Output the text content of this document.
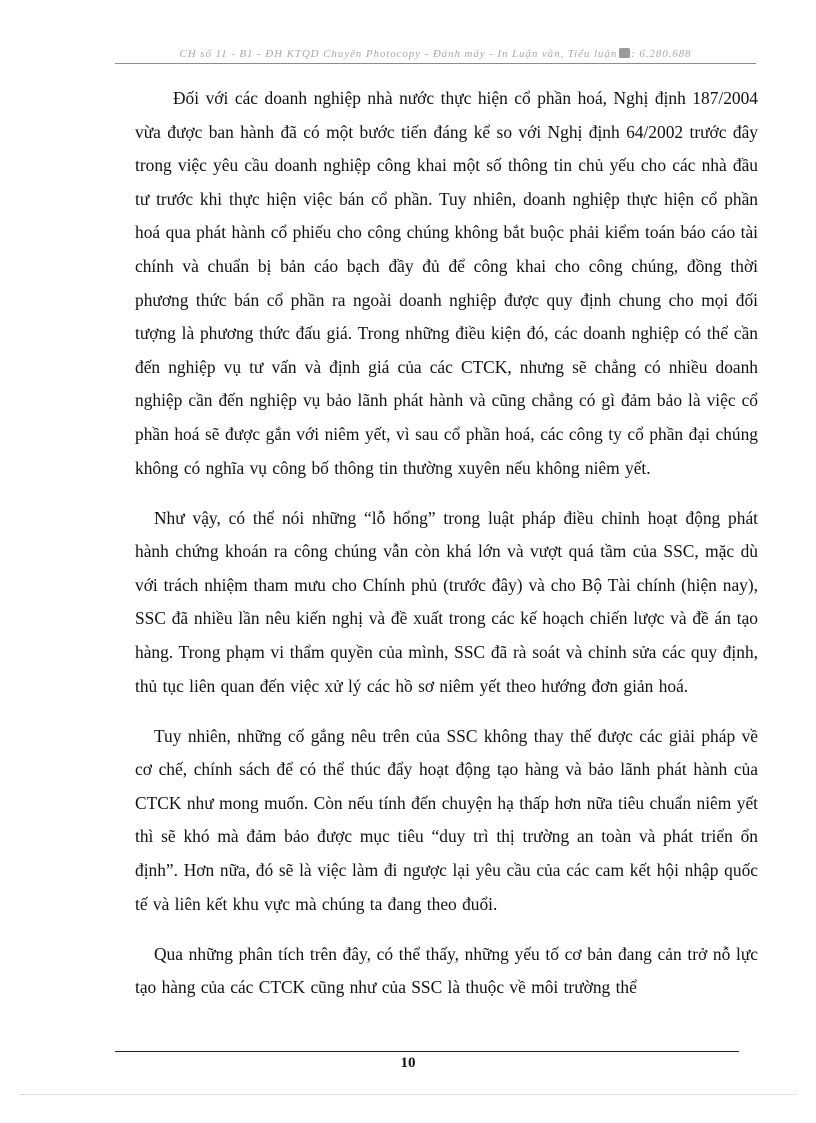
CH số 11 - B1 - ĐH KTQD Chuyên Photocopy - Đánh máy - In Luận văn, Tiểu luận : 6.280.688

Đối với các doanh nghiệp nhà nước thực hiện cổ phần hoá, Nghị định 187/2004 vừa được ban hành đã có một bước tiến đáng kể so với Nghị định 64/2002 trước đây trong việc yêu cầu doanh nghiệp công khai một số thông tin chủ yếu cho các nhà đầu tư trước khi thực hiện việc bán cổ phần. Tuy nhiên, doanh nghiệp thực hiện cổ phần hoá qua phát hành cổ phiếu cho công chúng không bắt buộc phải kiểm toán báo cáo tài chính và chuẩn bị bản cáo bạch đầy đủ để công khai cho công chúng, đồng thời phương thức bán cổ phần ra ngoài doanh nghiệp được quy định chung cho mọi đối tượng là phương thức đấu giá. Trong những điều kiện đó, các doanh nghiệp có thể cần đến nghiệp vụ tư vấn và định giá của các CTCK, nhưng sẽ chẳng có nhiều doanh nghiệp cần đến nghiệp vụ bảo lãnh phát hành và cũng chẳng có gì đảm bảo là việc cổ phần hoá sẽ được gắn với niêm yết, vì sau cổ phần hoá, các công ty cổ phần đại chúng không có nghĩa vụ công bố thông tin thường xuyên nếu không niêm yết.

Như vậy, có thể nói những “lỗ hổng” trong luật pháp điều chỉnh hoạt động phát hành chứng khoán ra công chúng vẫn còn khá lớn và vượt quá tầm của SSC, mặc dù với trách nhiệm tham mưu cho Chính phủ (trước đây) và cho Bộ Tài chính (hiện nay), SSC đã nhiều lần nêu kiến nghị và đề xuất trong các kế hoạch chiến lược và đề án tạo hàng. Trong phạm vi thẩm quyền của mình, SSC đã rà soát và chỉnh sửa các quy định, thủ tục liên quan đến việc xử lý các hồ sơ niêm yết theo hướng đơn giản hoá.

Tuy nhiên, những cố gắng nêu trên của SSC không thay thế được các giải pháp về cơ chế, chính sách để có thể thúc đẩy hoạt động tạo hàng và bảo lãnh phát hành của CTCK như mong muốn. Còn nếu tính đến chuyện hạ thấp hơn nữa tiêu chuẩn niêm yết thì sẽ khó mà đảm bảo được mục tiêu “duy trì thị trường an toàn và phát triển ổn định”. Hơn nữa, đó sẽ là việc làm đi ngược lại yêu cầu của các cam kết hội nhập quốc tế và liên kết khu vực mà chúng ta đang theo đuổi.

Qua những phân tích trên đây, có thể thấy, những yếu tố cơ bản đang cản trở nỗ lực tạo hàng của các CTCK cũng như của SSC là thuộc về môi trường thể

10
